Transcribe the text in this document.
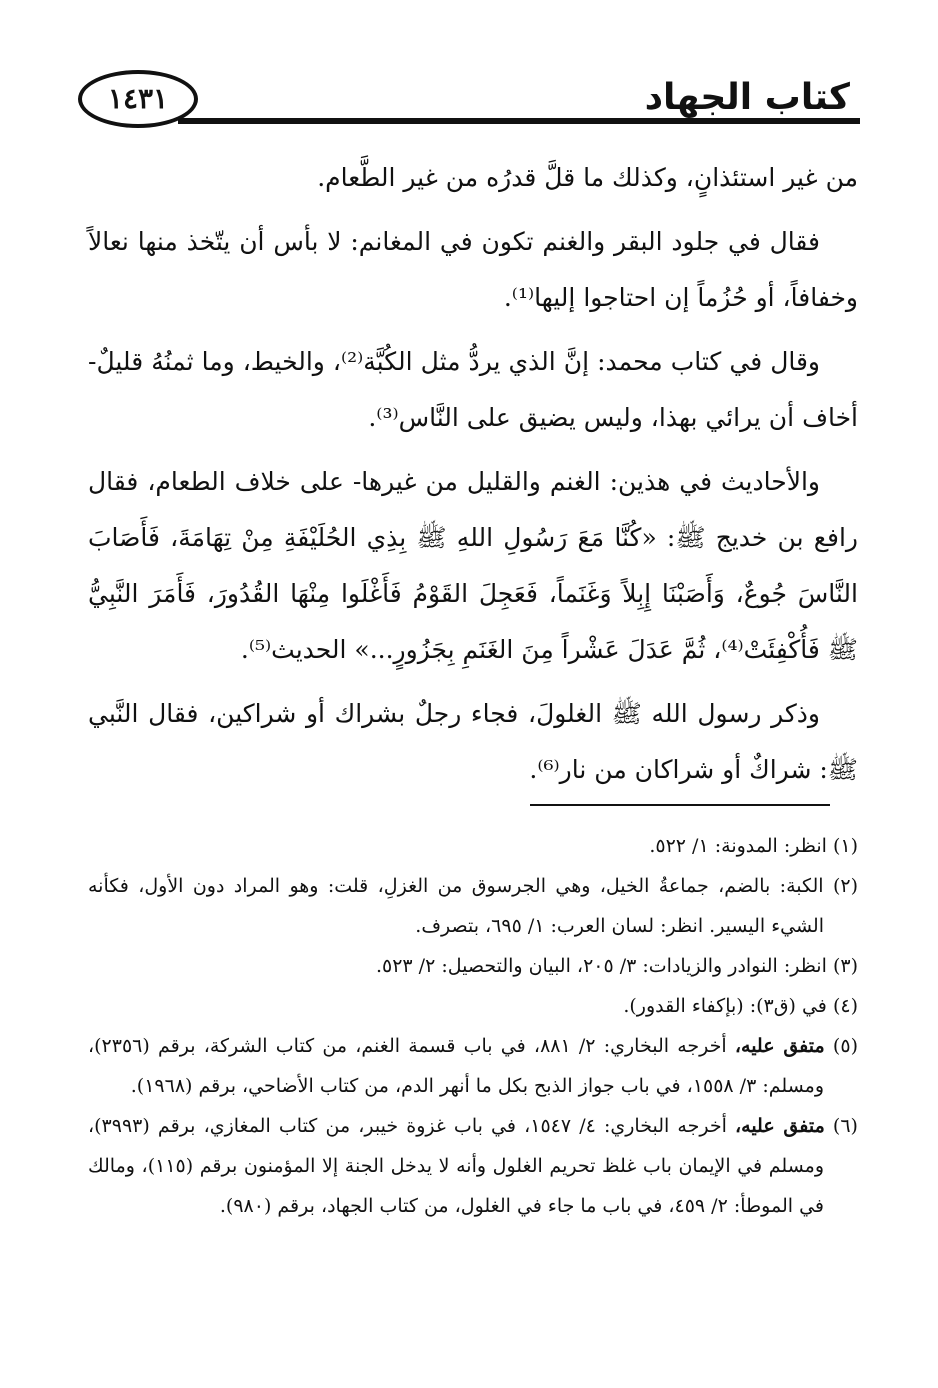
كتاب الجهاد
١٤٣١

من غير استئذانٍ، وكذلك ما قلَّ قدرُه من غير الطَّعام.

فقال في جلود البقر والغنم تكون في المغانم: لا بأس أن يتّخذ منها نعالاً وخفافاً، أو حُزُماً إن احتاجوا إليها⁽¹⁾.

وقال في كتاب محمد: إنَّ الذي يردُّ مثل الكُبَّة⁽²⁾، والخيط، وما ثمنُهُ قليلٌ- أخاف أن يرائي بهذا، وليس يضيق على النَّاس⁽³⁾.

والأحاديث في هذين: الغنم والقليل من غيرها- على خلاف الطعام، فقال رافع بن خديج ﷺ: «كُنَّا مَعَ رَسُولِ اللهِ ﷺ بِذِي الحُلَيْفَةِ مِنْ تِهَامَةَ، فَأَصَابَ النَّاسَ جُوعٌ، وَأَصَبْنَا إِبِلاً وَغَنَماً، فَعَجِلَ القَوْمُ فَأَغْلَوا مِنْهَا القُدُورَ، فَأَمَرَ النَّبِيُّ ﷺ فَأُكْفِئَتْ⁽⁴⁾، ثُمَّ عَدَلَ عَشْراً مِنَ الغَنَمِ بِجَزُورٍ...» الحديث⁽⁵⁾.

وذكر رسول الله ﷺ الغلولَ، فجاء رجلٌ بشراك أو شراكين، فقال النَّبي ﷺ: شراكٌ أو شراكان من نار⁽⁶⁾.

(١) انظر: المدونة: ١/ ٥٢٢.

(٢) الكبة: بالضم، جماعةُ الخيل، وهي الجرسوق من الغزلِ، قلت: وهو المراد دون الأول، فكأنه الشيء اليسير. انظر: لسان العرب: ١/ ٦٩٥، بتصرف.

(٣) انظر: النوادر والزيادات: ٣/ ٢٠٥، البيان والتحصيل: ٢/ ٥٢٣.

(٤) في (ق٣): (بإكفاء القدور).

(٥) متفق عليه، أخرجه البخاري: ٢/ ٨٨١، في باب قسمة الغنم، من كتاب الشركة، برقم (٢٣٥٦)، ومسلم: ٣/ ١٥٥٨، في باب جواز الذبح بكل ما أنهر الدم، من كتاب الأضاحي، برقم (١٩٦٨).

(٦) متفق عليه، أخرجه البخاري: ٤/ ١٥٤٧، في باب غزوة خيبر، من كتاب المغازي، برقم (٣٩٩٣)، ومسلم في الإيمان باب غلظ تحريم الغلول وأنه لا يدخل الجنة إلا المؤمنون برقم (١١٥)، ومالك في الموطأ: ٢/ ٤٥٩، في باب ما جاء في الغلول، من كتاب الجهاد، برقم (٩٨٠).
